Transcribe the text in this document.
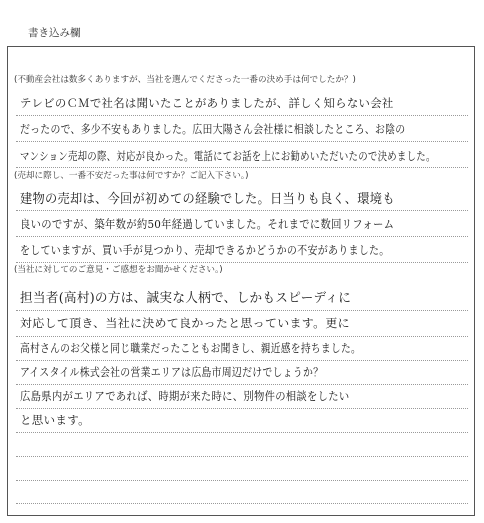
書き込み欄
(不動産会社は数多くありますが、当社を選んでくださった一番の決め手は何でしたか？)
テレビのＣＭで社名は聞いたことがありましたが、詳しく知らない会社
だったので、多少不安もありました。広田大陽さん会社様に相談したところ、お陰の
マンション売却の際、対応が良かった。電話にてお話を上にお勧めいただいたので決めました。
(売却に際し、一番不安だった事は何ですか？ご記入下さい。)
建物の売却は、今回が初めての経験でした。日当りも良く、環境も
良いのですが、築年数が約50年経過していました。それまでに数回リフォーム
をしていますが、買い手が見つかり、売却できるかどうかの不安がありました。
(当社に対してのご意見・ご感想をお聞かせください。)
担当者(高村)の方は、誠実な人柄で、しかもスピーディに
対応して頂き、当社に決めて良かったと思っています。更に
高村さんのお父様と同じ職業だったこともお聞きし、親近感を持ちました。
アイスタイル株式会社の営業エリアは広島市周辺だけでしょうか？
広島県内がエリアであれば、時期が来た時に、別物件の相談をしたい
と思います。
